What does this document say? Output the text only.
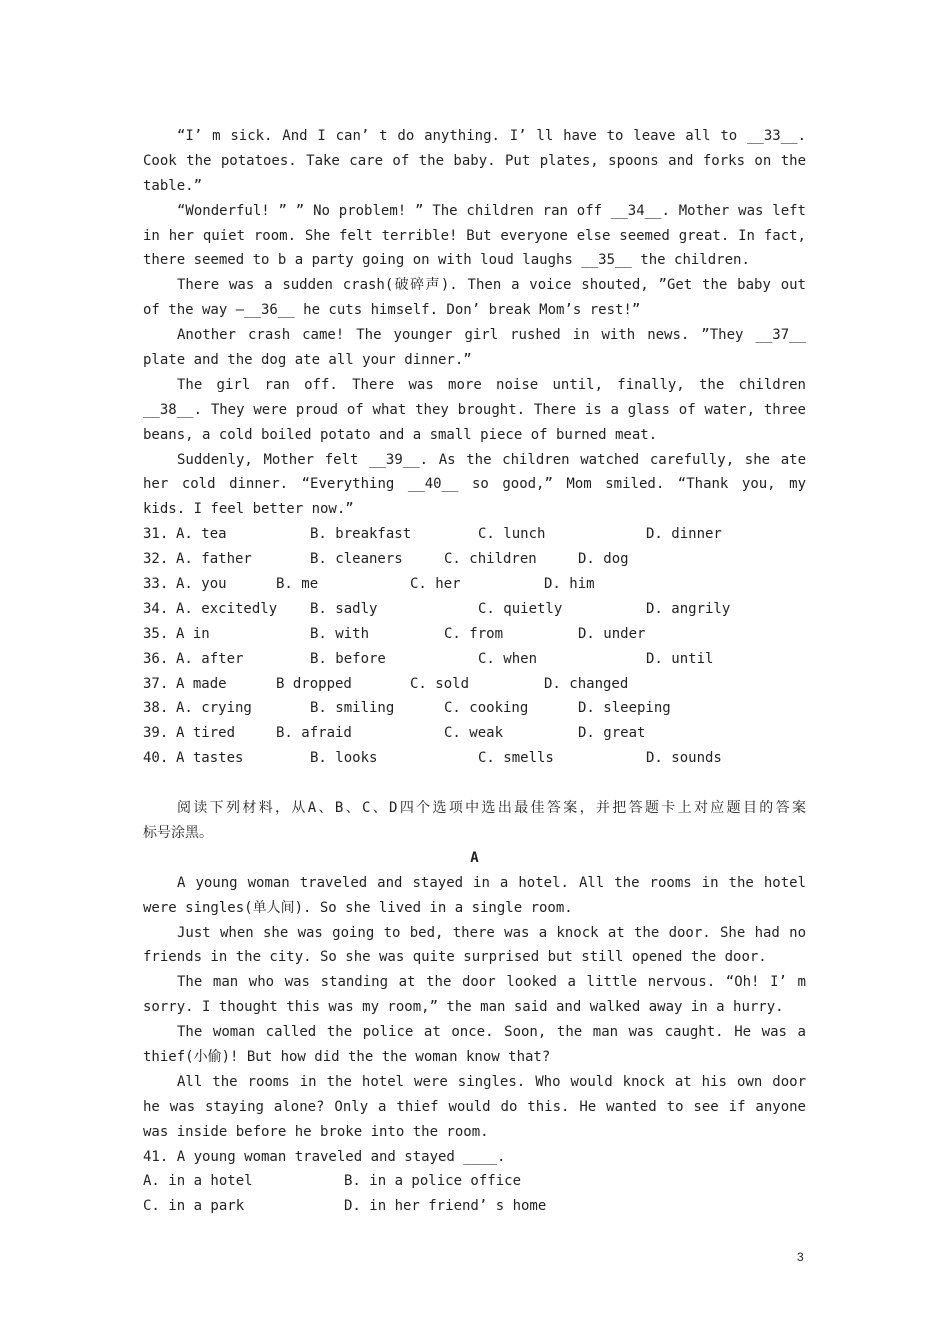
“I’ m sick. And I can’ t do anything. I’ ll have to leave all to __33__.
Cook the potatoes. Take care of the baby. Put plates, spoons and forks on the
table.”
“Wonderful! ” ” No problem! ” The children ran off __34__. Mother was left
in her quiet room. She felt terrible! But everyone else seemed great. In fact,
there seemed to b a party going on with loud laughs __35__ the children.
There was a sudden crash(破碎声). Then a voice shouted, ”Get the baby out
of the way —__36__ he cuts himself. Don’ break Mom’s rest!”
Another crash came! The younger girl rushed in with news. ”They __37__
plate and the dog ate all your dinner.”
The girl ran off. There was more noise until, finally, the children
__38__. They were proud of what they brought. There is a glass of water, three
beans, a cold boiled potato and a small piece of burned meat.
Suddenly, Mother felt __39__. As the children watched carefully, she ate
her cold dinner. “Everything __40__ so good,” Mom smiled. “Thank you, my
kids. I feel better now.”
31. A. tea	B. breakfast	C. lunch	D. dinner
32. A. father	B. cleaners	C. children	D. dog
33. A. you	B. me	C. her	D. him
34. A. excitedly	B. sadly	C. quietly	D. angrily
35. A in	B. with	C. from	D. under
36. A. after	B. before	C. when	D. until
37. A made	B dropped	C. sold	D. changed
38. A. crying	B. smiling	C. cooking	D. sleeping
39. A tired	B. afraid	C. weak	D. great
40. A tastes	B. looks	C. smells	D. sounds

阅读下列材料，从A、B、C、D四个选项中选出最佳答案，并把答题卡上对应题目的答案
标号涂黑。
A
A young woman traveled and stayed in a hotel. All the rooms in the hotel
were singles(单人间). So she lived in a single room.
Just when she was going to bed, there was a knock at the door. She had no
friends in the city. So she was quite surprised but still opened the door.
The man who was standing at the door looked a little nervous. “Oh! I’ m
sorry. I thought this was my room,” the man said and walked away in a hurry.
The woman called the police at once. Soon, the man was caught. He was a
thief(小偷)! But how did the the woman know that?
All the rooms in the hotel were singles. Who would knock at his own door
he was staying alone? Only a thief would do this. He wanted to see if anyone
was inside before he broke into the room.
41. A young woman traveled and stayed ____.
A. in a hotel	B. in a police office
C. in a park	D. in her friend’ s home
3
